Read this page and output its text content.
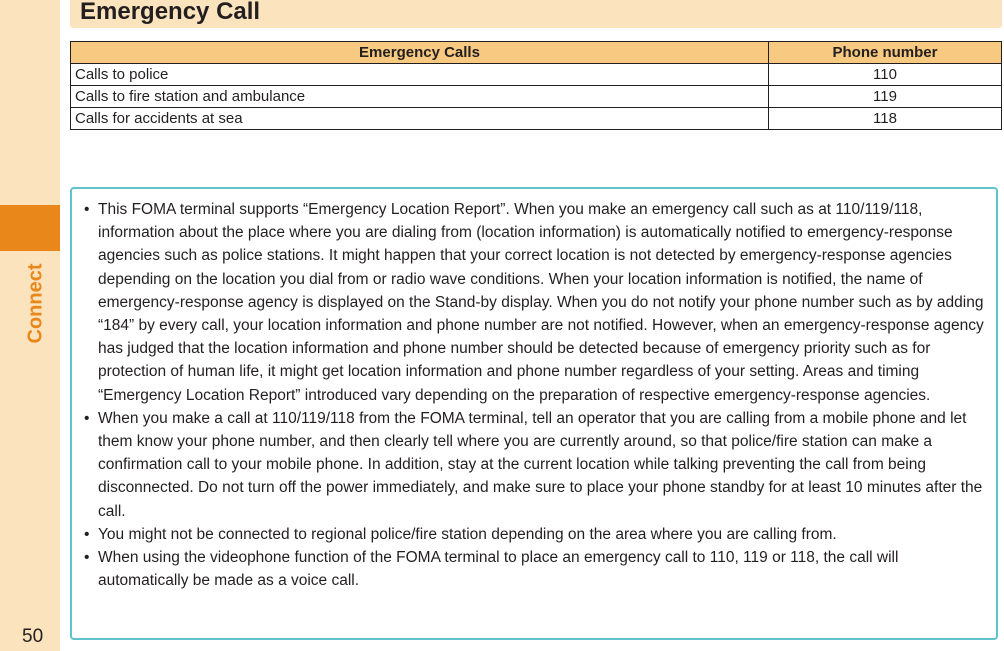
Connect
50
Emergency Call
Emergency Calls	Phone number
Calls to police	110
Calls to fire station and ambulance	119
Calls for accidents at sea	118
• This FOMA terminal supports “Emergency Location Report”. When you make an emergency call such as at 110/119/118, information about the place where you are dialing from (location information) is automatically notified to emergency-response agencies such as police stations. It might happen that your correct location is not detected by emergency-response agencies depending on the location you dial from or radio wave conditions. When your location information is notified, the name of emergency-response agency is displayed on the Stand-by display. When you do not notify your phone number such as by adding “184” by every call, your location information and phone number are not notified. However, when an emergency-response agency has judged that the location information and phone number should be detected because of emergency priority such as for protection of human life, it might get location information and phone number regardless of your setting. Areas and timing “Emergency Location Report” introduced vary depending on the preparation of respective emergency-response agencies.
• When you make a call at 110/119/118 from the FOMA terminal, tell an operator that you are calling from a mobile phone and let them know your phone number, and then clearly tell where you are currently around, so that police/fire station can make a confirmation call to your mobile phone. In addition, stay at the current location while talking preventing the call from being disconnected. Do not turn off the power immediately, and make sure to place your phone standby for at least 10 minutes after the call.
• You might not be connected to regional police/fire station depending on the area where you are calling from.
• When using the videophone function of the FOMA terminal to place an emergency call to 110, 119 or 118, the call will automatically be made as a voice call.
